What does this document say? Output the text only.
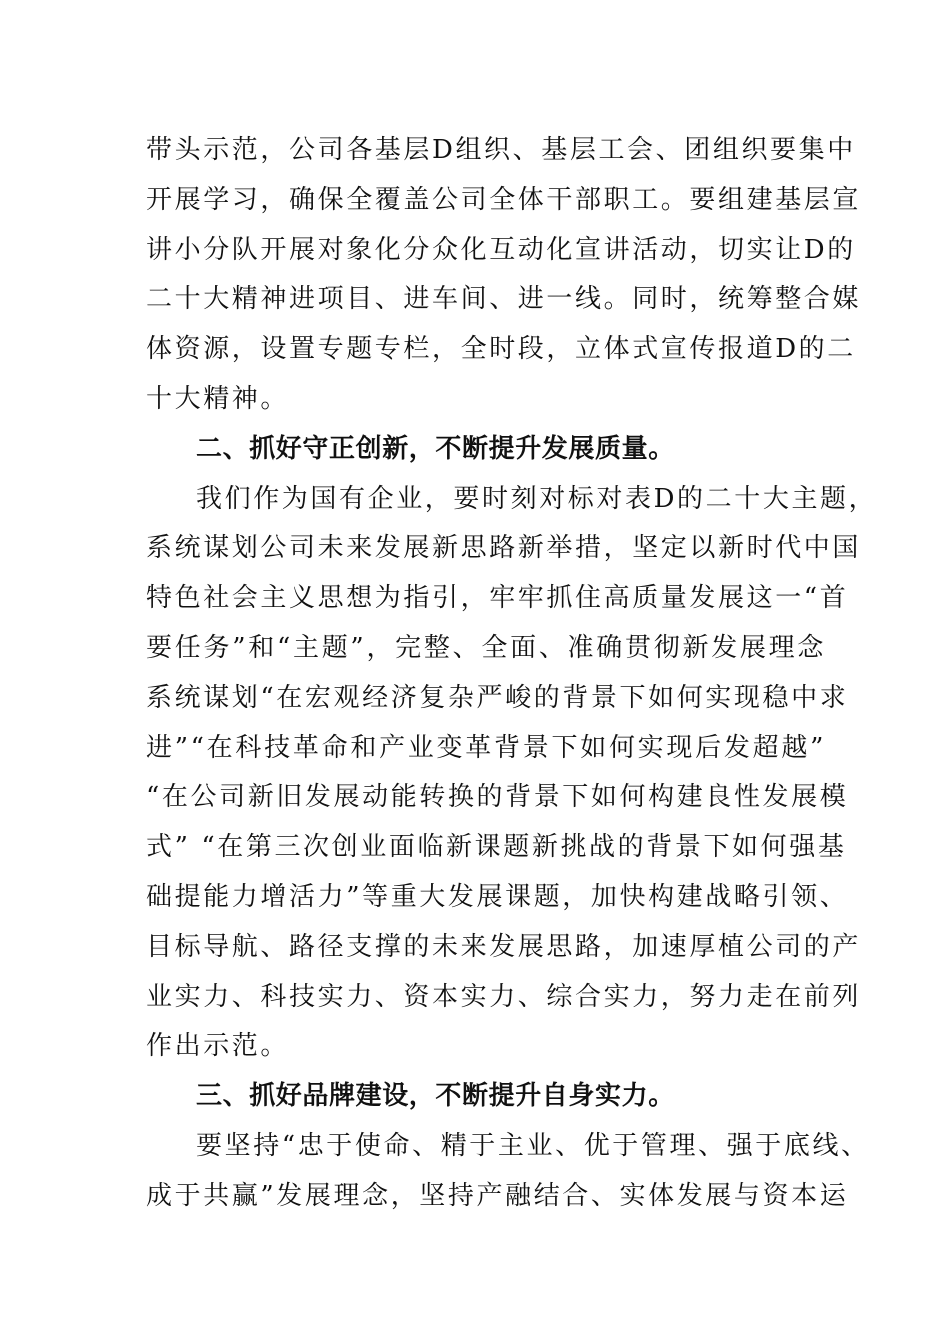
带头示范，公司各基层D组织、基层工会、团组织要集中
开展学习，确保全覆盖公司全体干部职工。要组建基层宣
讲小分队开展对象化分众化互动化宣讲活动，切实让D的
二十大精神进项目、进车间、进一线。同时，统筹整合媒
体资源，设置专题专栏，全时段，立体式宣传报道D的二
十大精神。
二、抓好守正创新，不断提升发展质量。
我们作为国有企业，要时刻对标对表D的二十大主题，
系统谋划公司未来发展新思路新举措，坚定以新时代中国
特色社会主义思想为指引，牢牢抓住高质量发展这一“首
要任务”和“主题”，完整、全面、准确贯彻新发展理念
系统谋划“在宏观经济复杂严峻的背景下如何实现稳中求
进”“在科技革命和产业变革背景下如何实现后发超越”
“在公司新旧发展动能转换的背景下如何构建良性发展模
式” “在第三次创业面临新课题新挑战的背景下如何强基
础提能力增活力”等重大发展课题，加快构建战略引领、
目标导航、路径支撑的未来发展思路，加速厚植公司的产
业实力、科技实力、资本实力、综合实力，努力走在前列
作出示范。
三、抓好品牌建设，不断提升自身实力。
要坚持“忠于使命、精于主业、优于管理、强于底线、
成于共赢”发展理念，坚持产融结合、实体发展与资本运
